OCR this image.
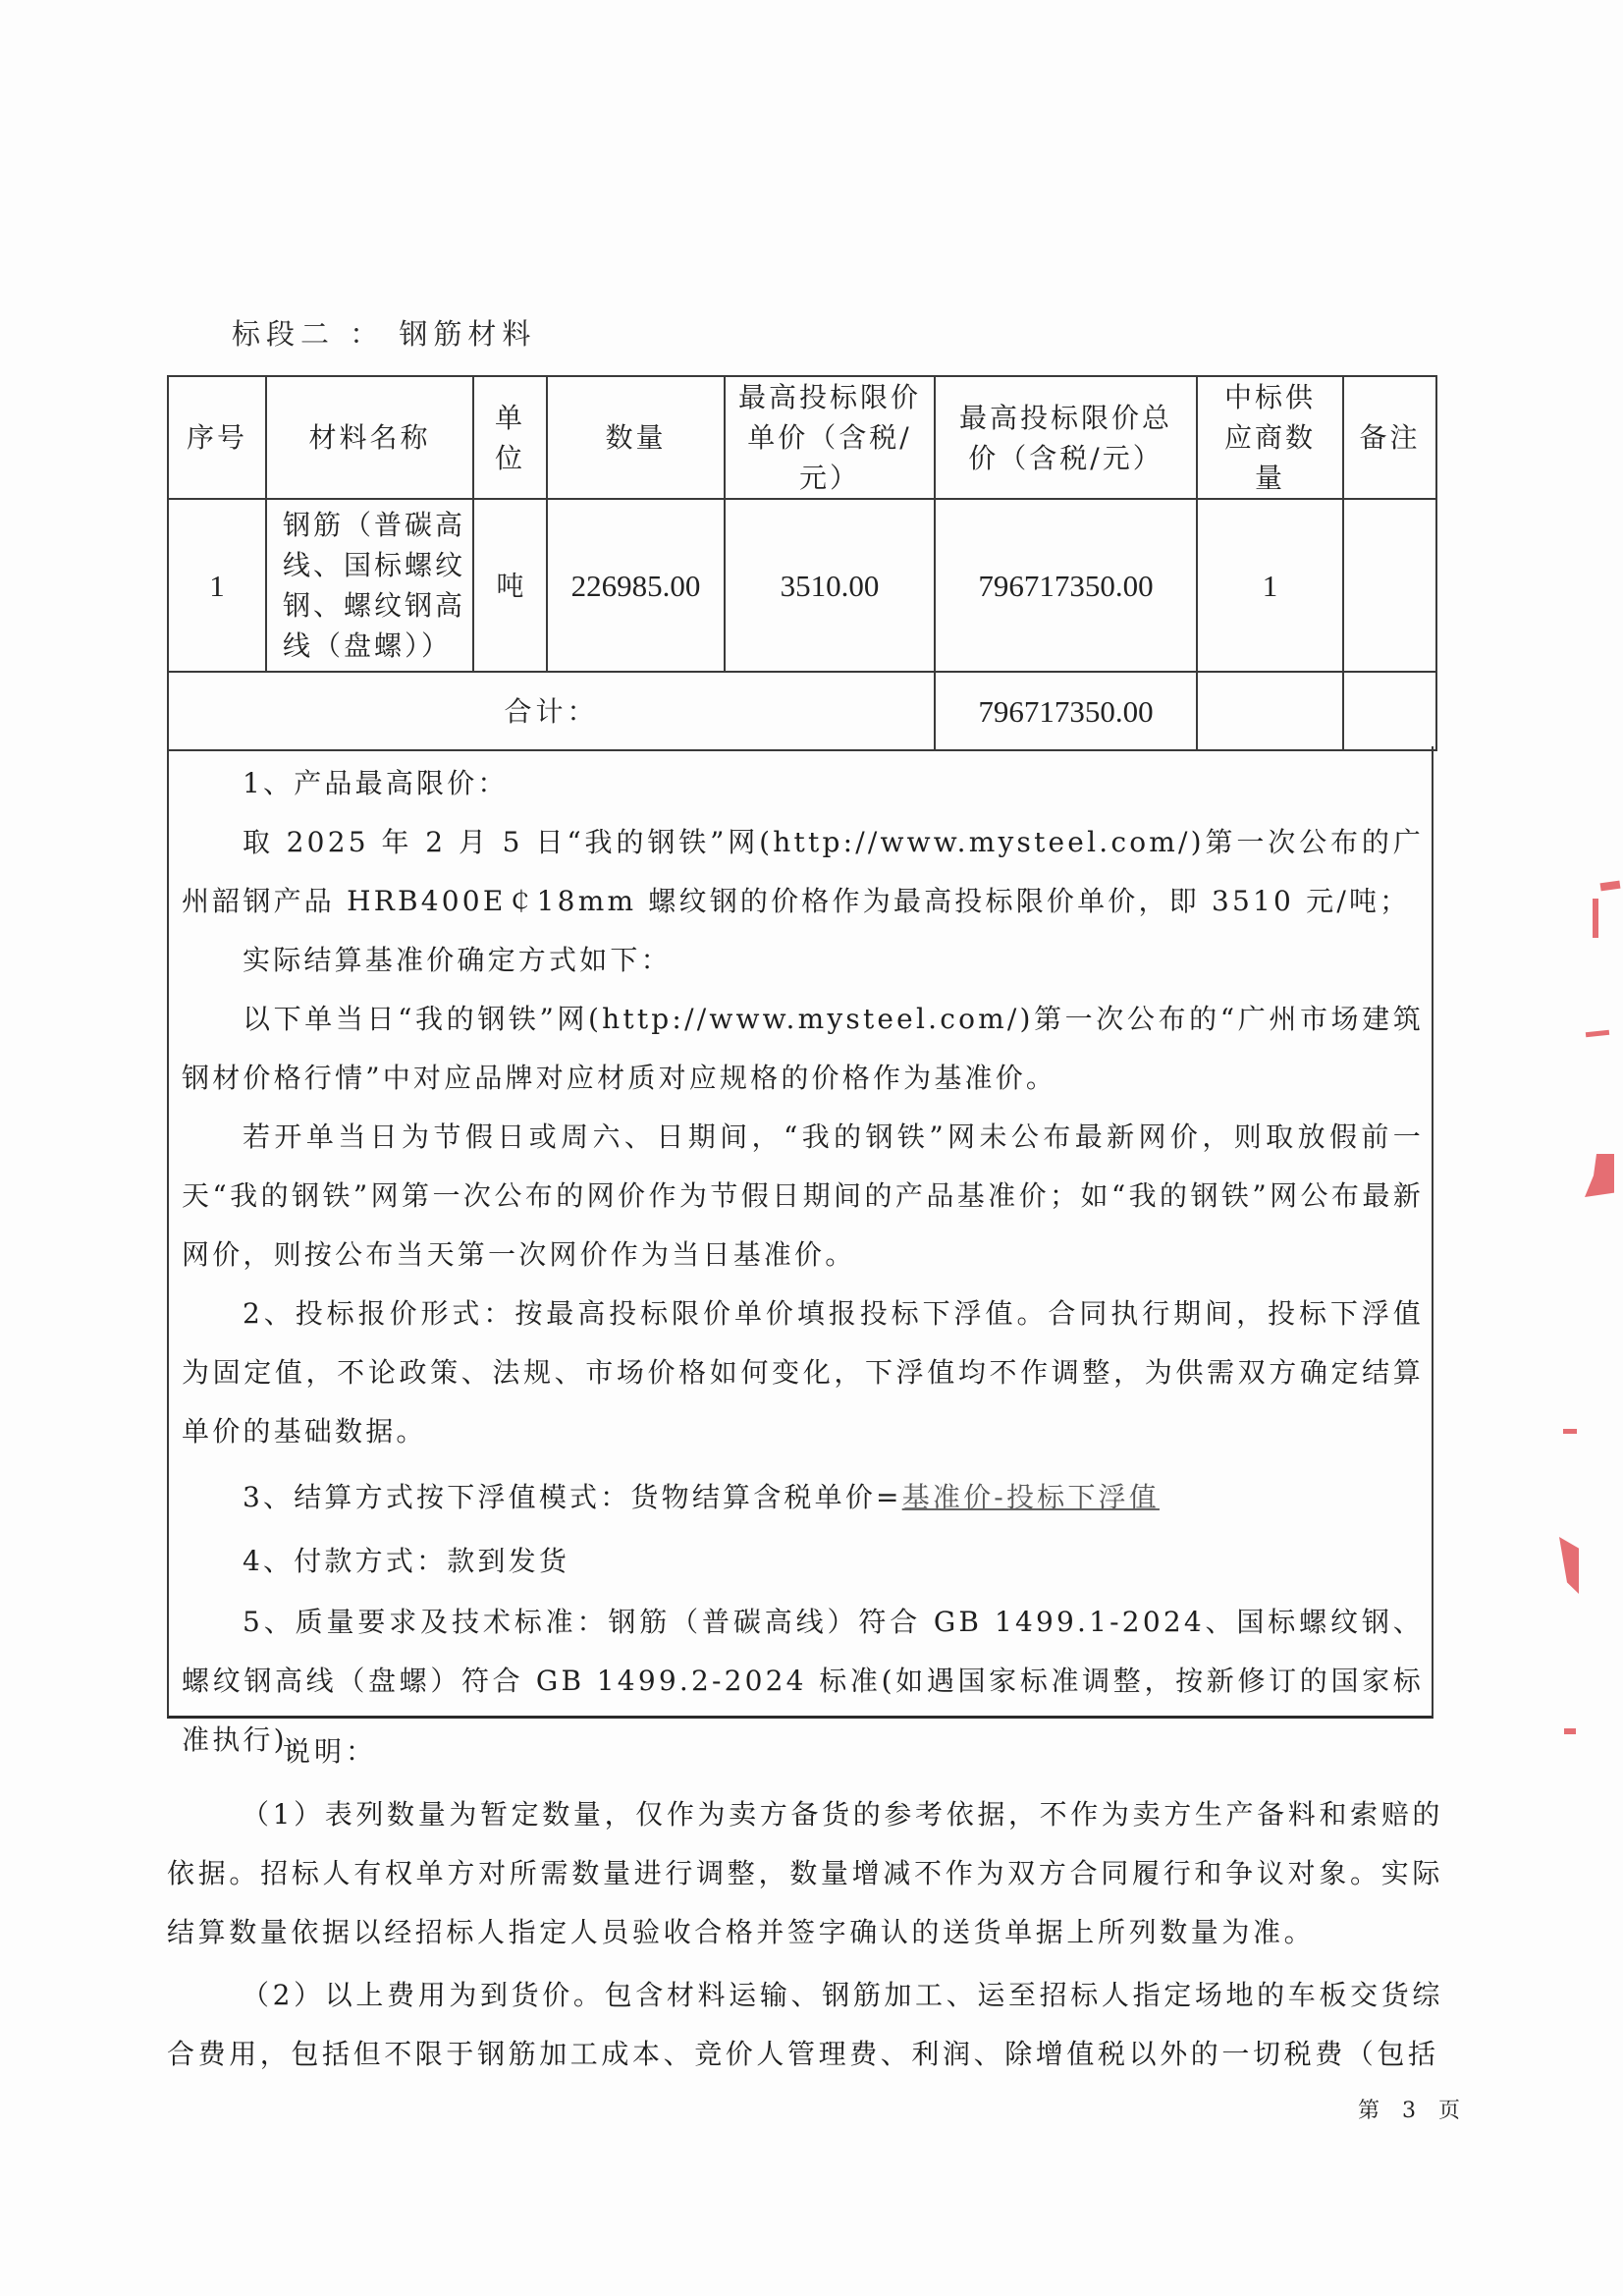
标段二 ： 钢筋材料
序号	材料名称	单位	数量	最高投标限价单价（含税/元）	最高投标限价总价（含税/元）	中标供应商数量	备注
1	钢筋（普碳高线、国标螺纹钢、螺纹钢高线（盘螺））	吨	226985.00	3510.00	796717350.00	1	
合计：					796717350.00		
1、产品最高限价：
取 2025 年 2 月 5 日“我的钢铁”网(http://www.mysteel.com/)第一次公布的广州韶钢产品 HRB400E￠18mm 螺纹钢的价格作为最高投标限价单价，即 3510 元/吨；
实际结算基准价确定方式如下：
以下单当日“我的钢铁”网(http://www.mysteel.com/)第一次公布的“广州市场建筑钢材价格行情”中对应品牌对应材质对应规格的价格作为基准价。
若开单当日为节假日或周六、日期间，“我的钢铁”网未公布最新网价，则取放假前一天“我的钢铁”网第一次公布的网价作为节假日期间的产品基准价；如“我的钢铁”网公布最新网价，则按公布当天第一次网价作为当日基准价。
2、投标报价形式：按最高投标限价单价填报投标下浮值。合同执行期间，投标下浮值为固定值，不论政策、法规、市场价格如何变化，下浮值均不作调整，为供需双方确定结算单价的基础数据。
3、结算方式按下浮值模式：货物结算含税单价=基准价-投标下浮值
4、付款方式：款到发货
5、质量要求及技术标准：钢筋（普碳高线）符合 GB 1499.1-2024、国标螺纹钢、螺纹钢高线（盘螺）符合 GB 1499.2-2024 标准(如遇国家标准调整，按新修订的国家标准执行)。
说明：
（1）表列数量为暂定数量，仅作为卖方备货的参考依据，不作为卖方生产备料和索赔的依据。招标人有权单方对所需数量进行调整，数量增减不作为双方合同履行和争议对象。实际结算数量依据以经招标人指定人员验收合格并签字确认的送货单据上所列数量为准。
（2）以上费用为到货价。包含材料运输、钢筋加工、运至招标人指定场地的车板交货综合费用，包括但不限于钢筋加工成本、竞价人管理费、利润、除增值税以外的一切税费（包括
第 3 页
